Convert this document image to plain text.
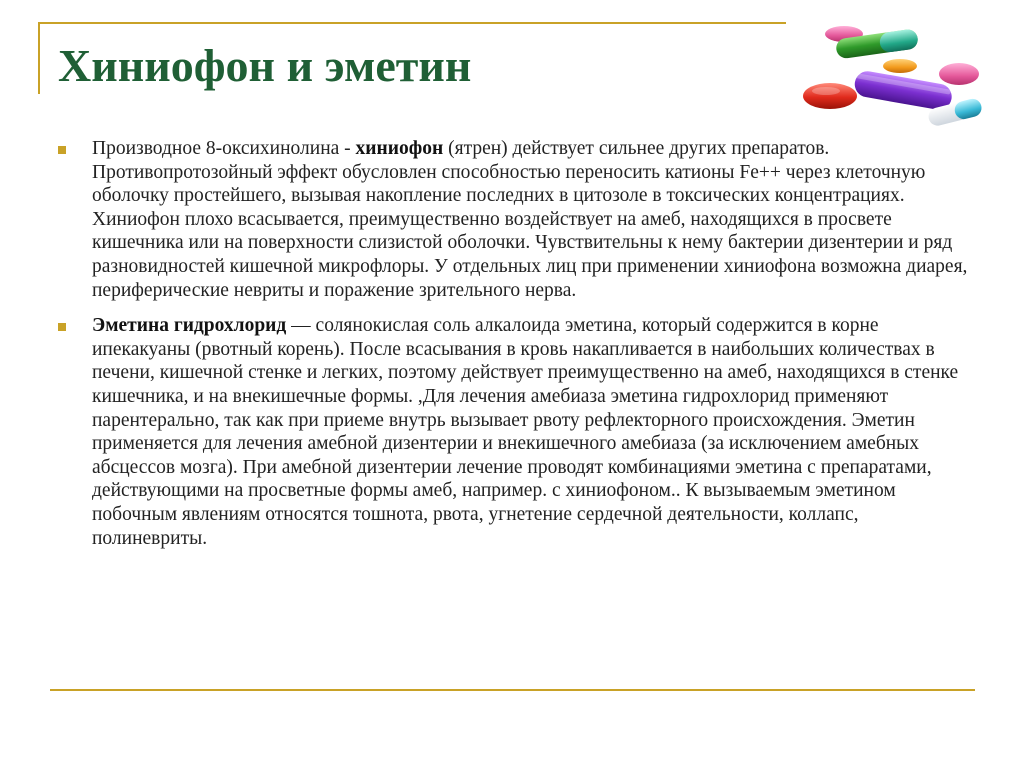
Хиниофон и эметин
Производное 8-оксихинолина - хиниофон (ятрен) действует сильнее других препаратов. Противопротозойный эффект обусловлен способностью переносить катионы Fe++ через клеточную оболочку простейшего, вызывая накопление последних в цитозоле в токсических концентрациях. Хиниофон плохо всасывается, преимущественно воздействует на амеб, находящихся в просвете кишечника или на поверхности слизистой оболочки. Чувствительны к нему бактерии дизентерии и ряд разновидностей кишечной микрофлоры. У отдельных лиц при применении хиниофона возможна диарея, периферические невриты и поражение зрительного нерва.
Эметина гидрохлорид — солянокислая соль алкалоида эметина, который содержится в корне ипекакуаны (рвотный корень). После всасывания в кровь накапливается в наибольших количествах в печени, кишечной стенке и легких, поэтому действует преимущественно на амеб, находящихся в стенке кишечника, и на внекишечные формы. ,Для лечения амебиаза эметина гидрохлорид применяют парентерально, так как при приеме внутрь вызывает рвоту рефлекторного происхождения. Эметин применяется для лечения амебной дизентерии и внекишечного амебиаза (за исключением амебных абсцессов мозга). При амебной дизентерии лечение проводят комбинациями эметина с препаратами, действующими на просветные формы амеб, например. с хиниофоном.. К вызываемым эметином побочным явлениям относятся тошнота, рвота, угнетение сердечной деятельности, коллапс, полиневриты.
